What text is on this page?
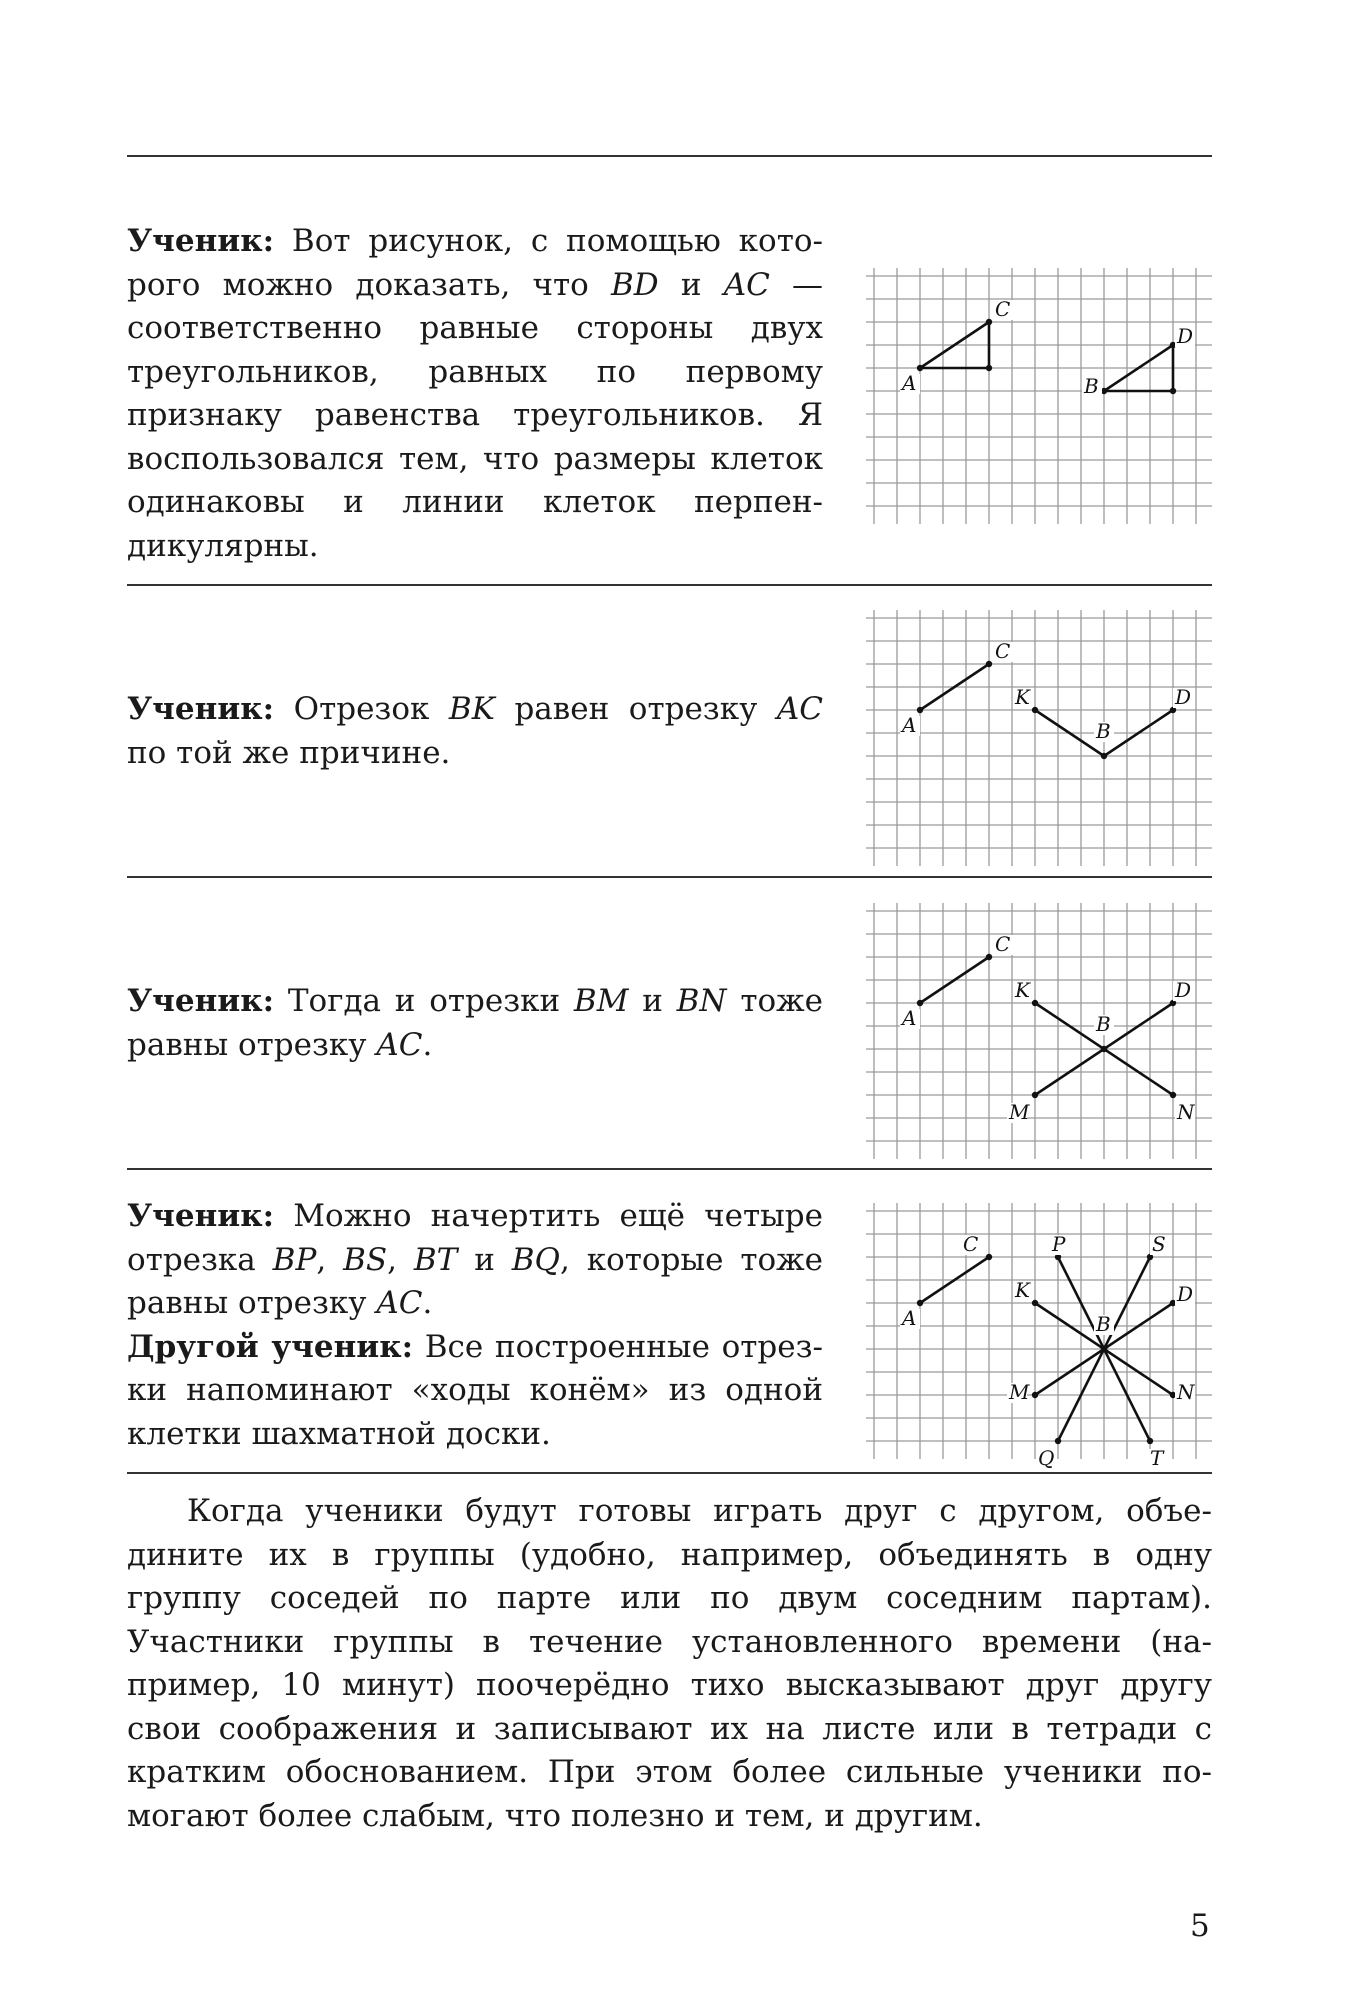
Ученик: Вот рисунок, с помощью которого можно доказать, что BD и AC — соответственно равные стороны двух треугольников, равных по первому признаку равенства треугольников. Я воспользовался тем, что размеры клеток одинаковы и линии клеток перпендикулярны.

A
C
B
D

Ученик: Отрезок BK равен отрезку AC по той же причине.

A
C
K
B
D

Ученик: Тогда и отрезки BM и BN тоже равны отрезку AC.

A
C
K
B
D
M	N

Ученик: Можно начертить ещё четыре отрезка BP, BS, BT и BQ, которые тоже равны отрезку AC.

Другой ученик: Все построенные отрезки напоминают «ходы конём» из одной клетки шахматной доски.

A
C	P	S
K
B
D
M	N
Q	T

Когда ученики будут готовы играть друг с другом, объедините их в группы (удобно, например, объединять в одну группу соседей по парте или по двум соседним партам). Участники группы в течение установленного времени (например, 10 минут) поочерёдно тихо высказывают друг другу свои соображения и записывают их на листе или в тетради с кратким обоснованием. При этом более сильные ученики помогают более слабым, что полезно и тем, и другим.

5
